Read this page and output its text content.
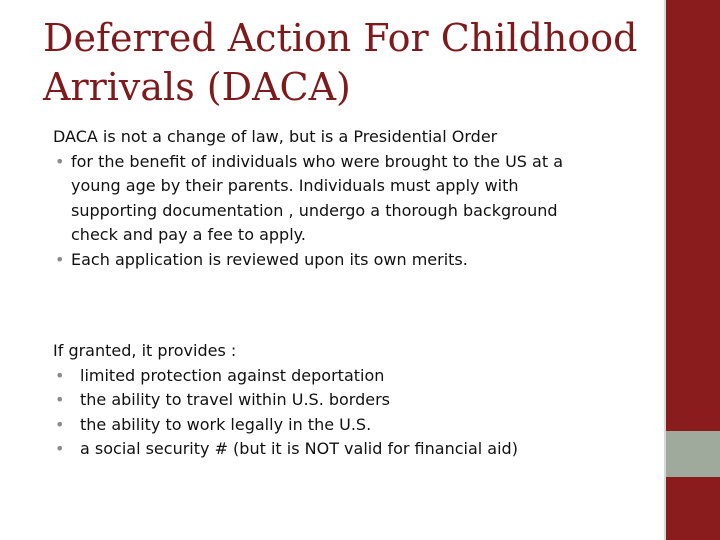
Deferred Action For Childhood
Arrivals (DACA)
DACA is not a change of law, but is a Presidential Order
• for the benefit of individuals who were brought to the US at a
young age by their parents. Individuals must apply with
supporting documentation , undergo a thorough background
check and pay a fee to apply.
• Each application is reviewed upon its own merits.
If granted, it provides :
• limited protection against deportation
• the ability to travel within U.S. borders
• the ability to work legally in the U.S.
• a social security # (but it is NOT valid for financial aid)
